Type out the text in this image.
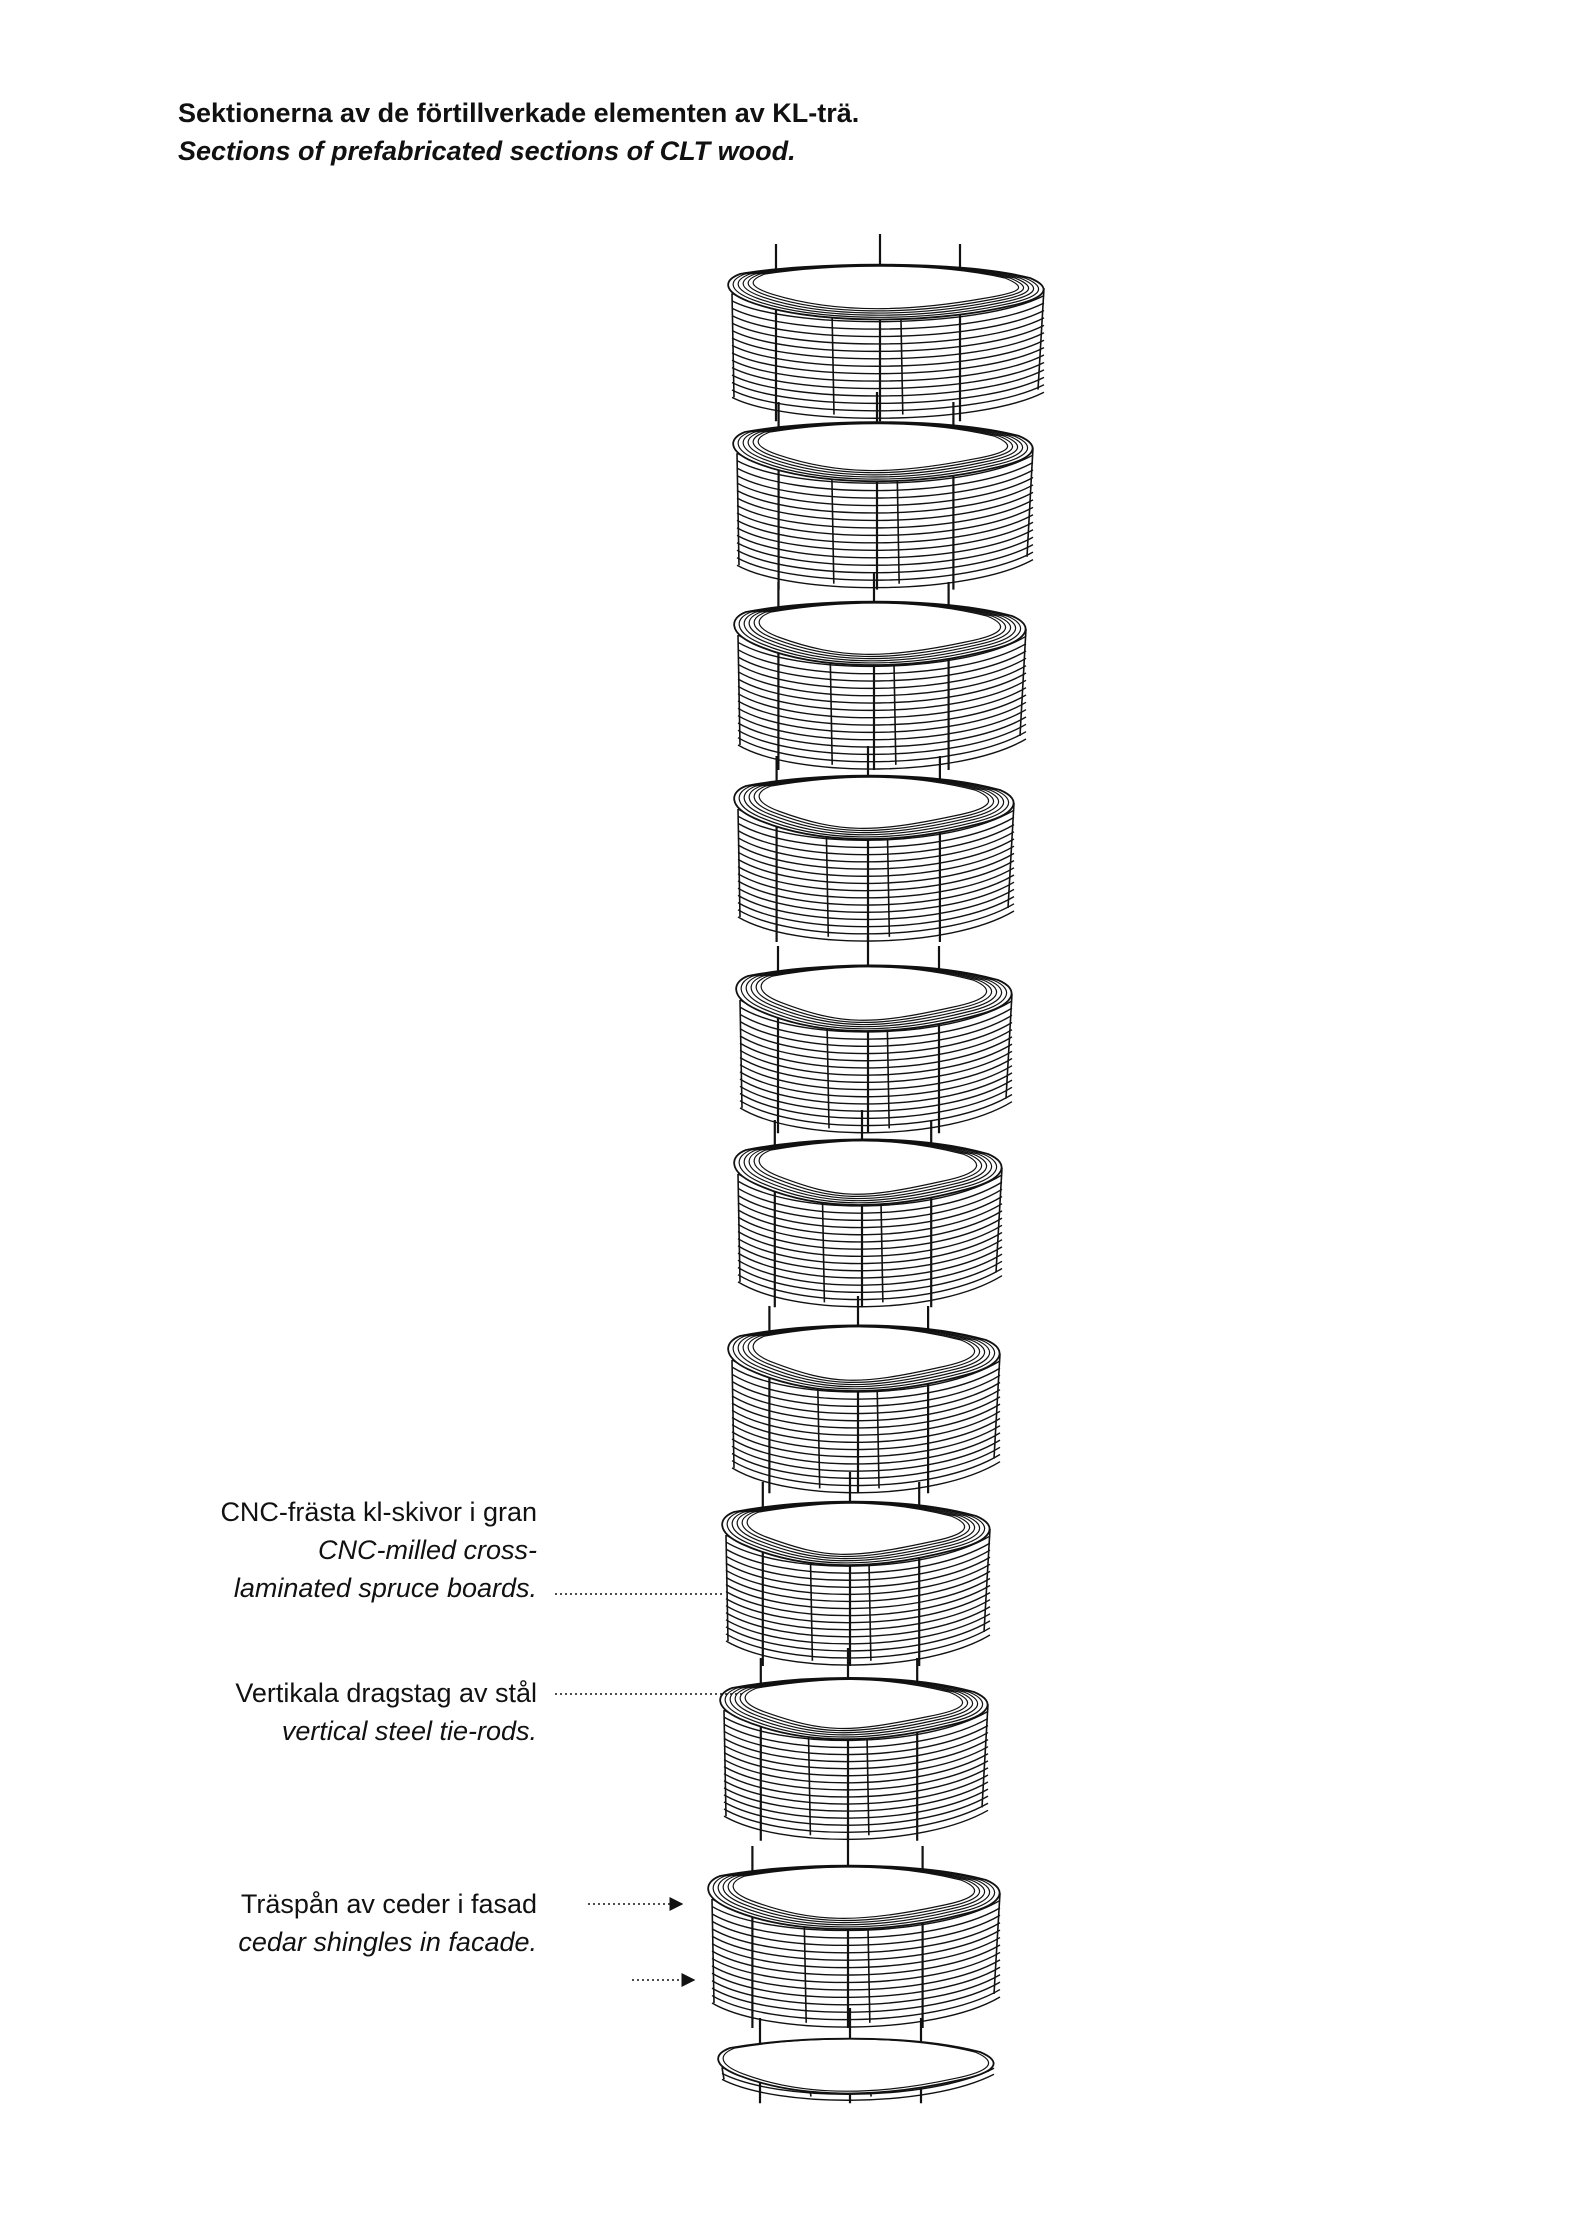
Sektionerna av de förtillverkade elementen av KL-trä.

Sections of prefabricated sections of CLT wood.

CNC-frästa kl-skivor i gran
CNC-milled cross-
laminated spruce boards.
Vertikala dragstag av stål
vertical steel tie-rods.
Träspån av ceder i fasad
cedar shingles in facade.
